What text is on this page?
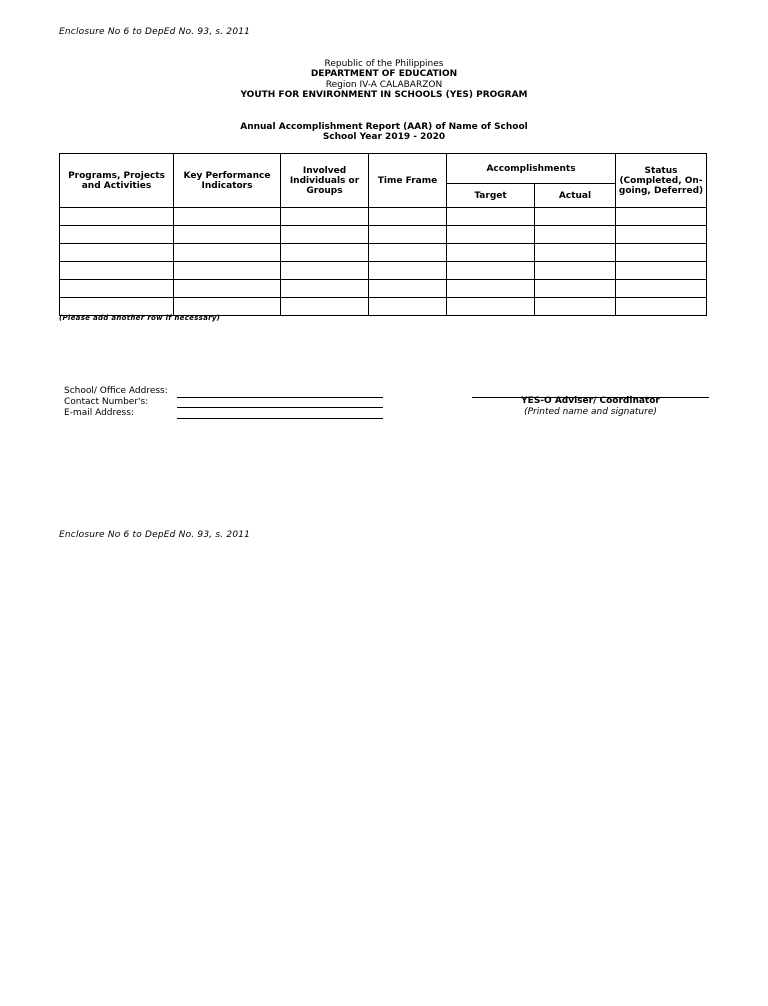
Enclosure No 6 to DepEd No. 93, s. 2011
Republic of the Philippines
DEPARTMENT OF EDUCATION
Region IV-A CALABARZON
YOUTH FOR ENVIRONMENT IN SCHOOLS (YES) PROGRAM
Annual Accomplishment Report (AAR) of Name of School
School Year 2019 - 2020
Programs, Projects and Activities	Key Performance Indicators	Involved Individuals or Groups	Time Frame	Accomplishments		Status (Completed, On-going, Deferred)
				Target	Actual	

(Please add another row if necessary)
School/ Office Address:
Contact Number's:
E-mail Address:
YES-O Adviser/ Coordinator
(Printed name and signature)
Enclosure No 6 to DepEd No. 93, s. 2011
